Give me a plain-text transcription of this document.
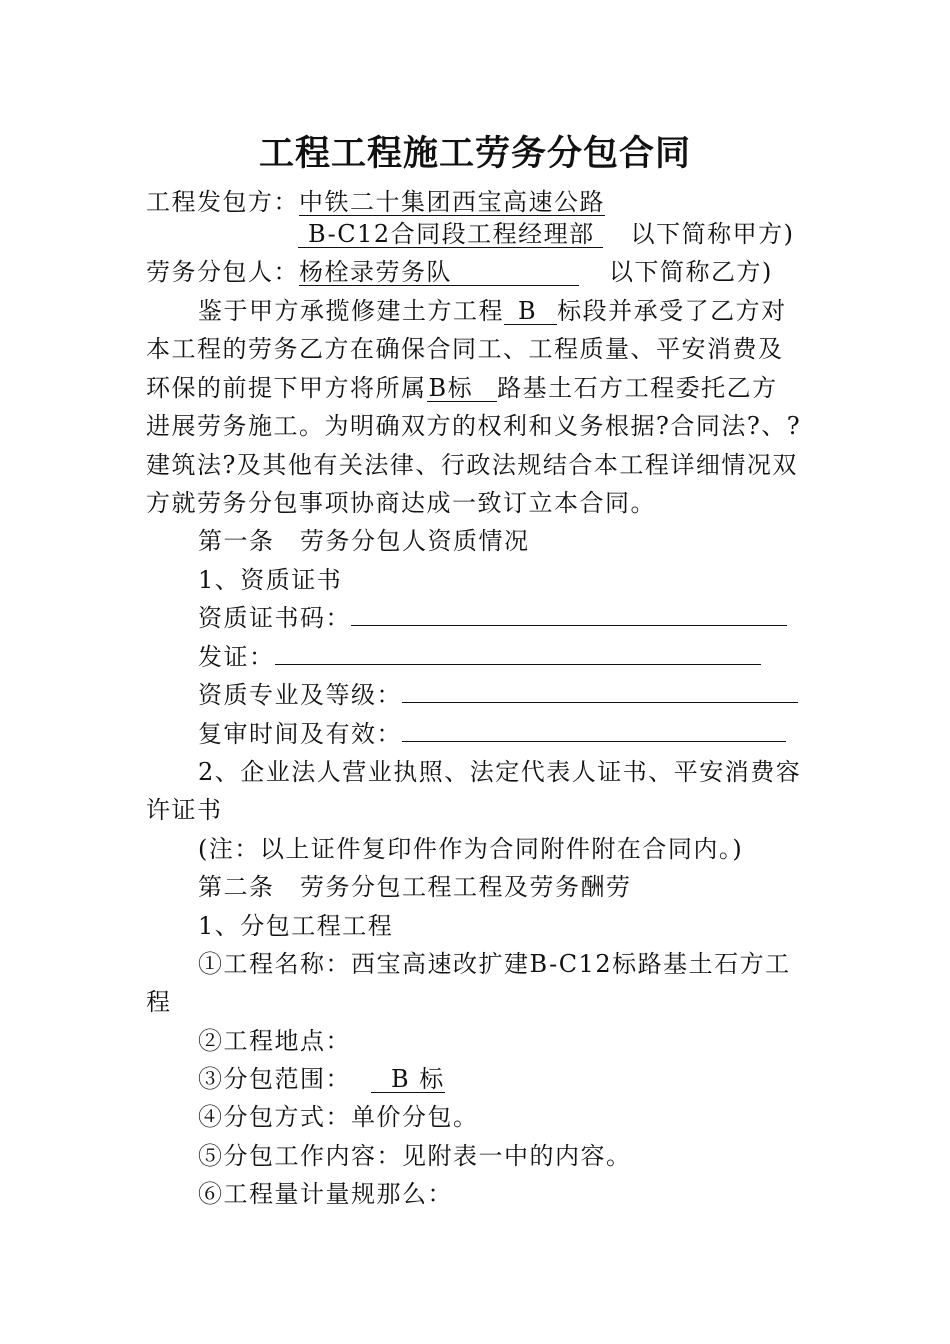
工程工程施工劳务分包合同
工程发包方：中铁二十集团西宝高速公路
B-C12合同段工程经理部 以下简称甲方)
劳务分包人：杨栓录劳务队	以下简称乙方)
鉴于甲方承揽修建土方工程 B 标段并承受了乙方对
本工程的劳务乙方在确保合同工、工程质量、平安消费及
环保的前提下甲方将所属B标 路基土石方工程委托乙方
进展劳务施工。为明确双方的权利和义务根据?合同法?、?
建筑法?及其他有关法律、行政法规结合本工程详细情况双
方就劳务分包事项协商达成一致订立本合同。
第一条　劳务分包人资质情况
1、资质证书
资质证书码：
发证：
资质专业及等级：
复审时间及有效：
2、企业法人营业执照、法定代表人证书、平安消费容
许证书
(注：以上证件复印件作为合同附件附在合同内。)
第二条　劳务分包工程工程及劳务酬劳
1、分包工程工程
①工程名称：西宝高速改扩建B-C12标路基土石方工
程
②工程地点：
③分包范围： B 标
④分包方式：单价分包。
⑤分包工作内容：见附表一中的内容。
⑥工程量计量规那么：
